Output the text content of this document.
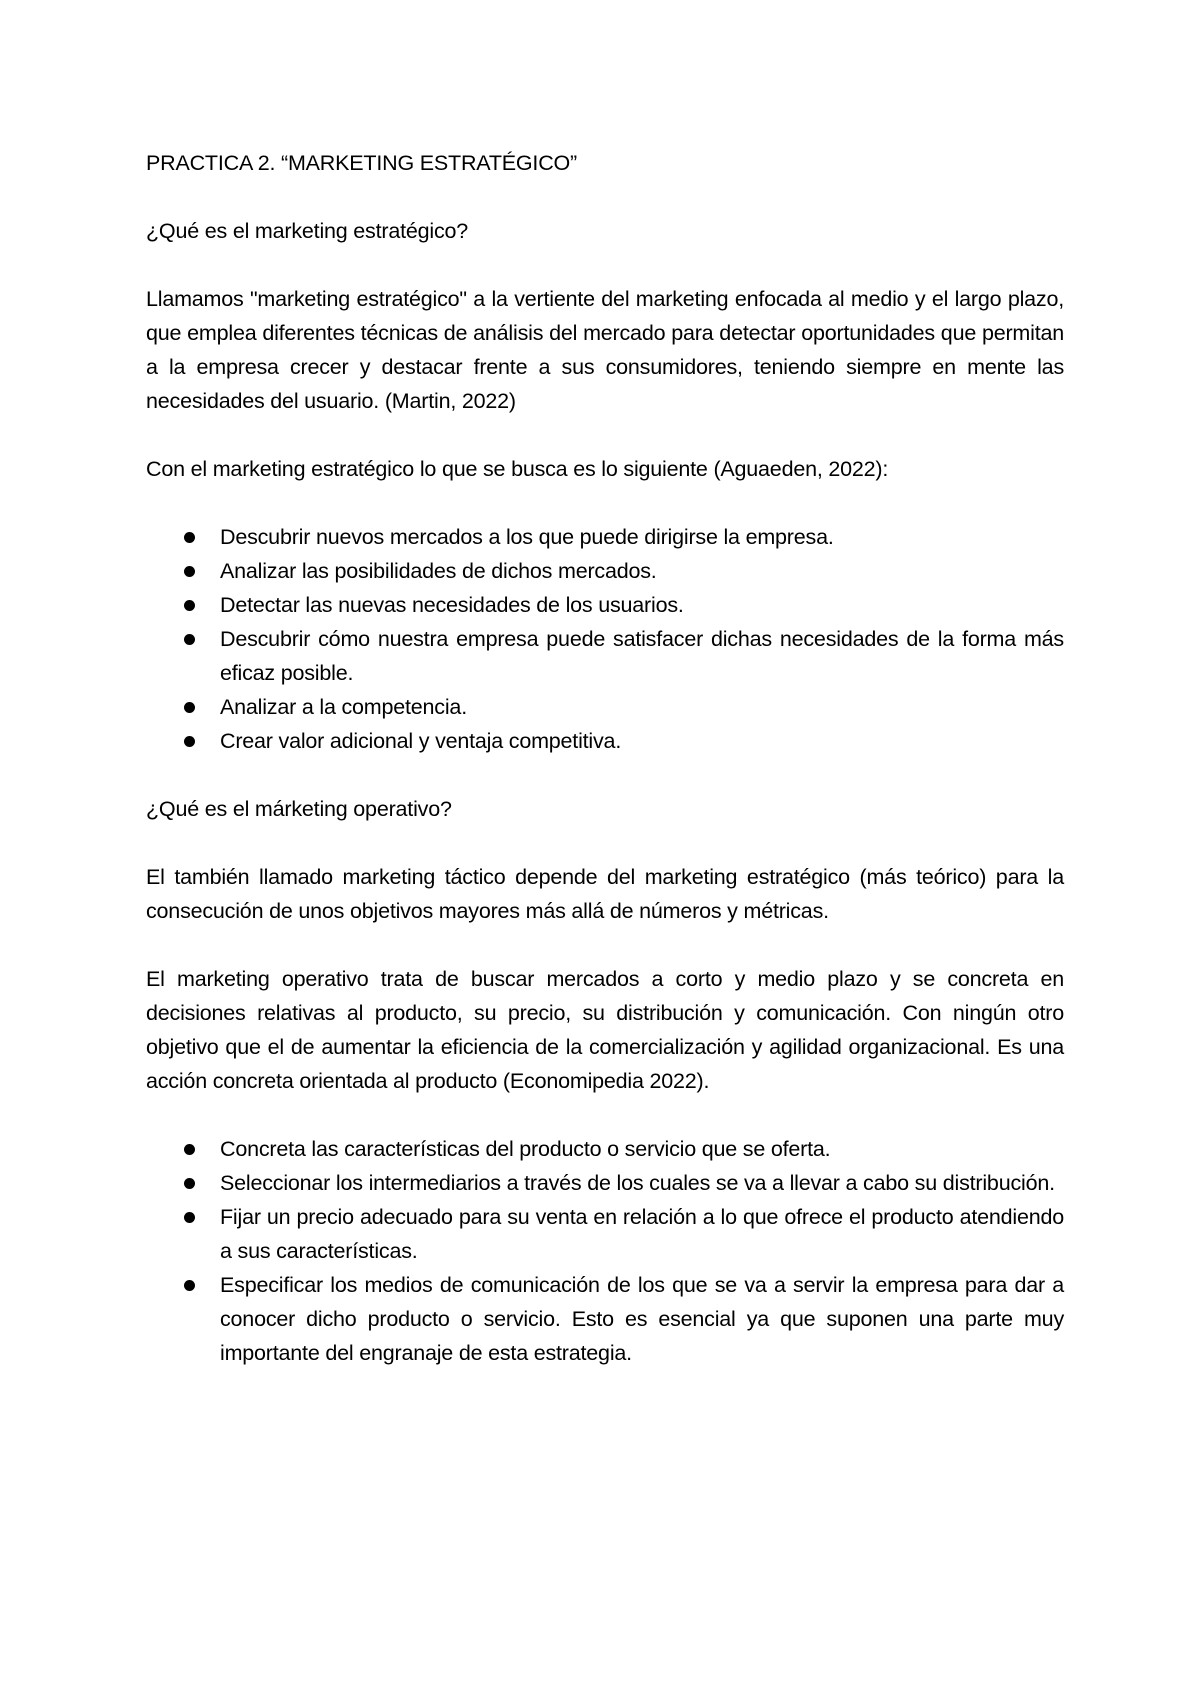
PRACTICA 2. “MARKETING ESTRATÉGICO”
¿Qué es el marketing estratégico?
Llamamos "marketing estratégico" a la vertiente del marketing enfocada al medio y el largo plazo, que emplea diferentes técnicas de análisis del mercado para detectar oportunidades que permitan a la empresa crecer y destacar frente a sus consumidores, teniendo siempre en mente las necesidades del usuario. (Martin, 2022)
Con el marketing estratégico lo que se busca es lo siguiente (Aguaeden, 2022):
Descubrir nuevos mercados a los que puede dirigirse la empresa.
Analizar las posibilidades de dichos mercados.
Detectar las nuevas necesidades de los usuarios.
Descubrir cómo nuestra empresa puede satisfacer dichas necesidades de la forma más eficaz posible.
Analizar a la competencia.
Crear valor adicional y ventaja competitiva.
¿Qué es el márketing operativo?
El también llamado marketing táctico depende del marketing estratégico (más teórico) para la consecución de unos objetivos mayores más allá de números y métricas.
El marketing operativo trata de buscar mercados a corto y medio plazo y se concreta en decisiones relativas al producto, su precio, su distribución y comunicación. Con ningún otro objetivo que el de aumentar la eficiencia de la comercialización y agilidad organizacional. Es una acción concreta orientada al producto (Economipedia 2022).
Concreta las características del producto o servicio que se oferta.
Seleccionar los intermediarios a través de los cuales se va a llevar a cabo su distribución.
Fijar un precio adecuado para su venta en relación a lo que ofrece el producto atendiendo a sus características.
Especificar los medios de comunicación de los que se va a servir la empresa para dar a conocer dicho producto o servicio. Esto es esencial ya que suponen una parte muy importante del engranaje de esta estrategia.
